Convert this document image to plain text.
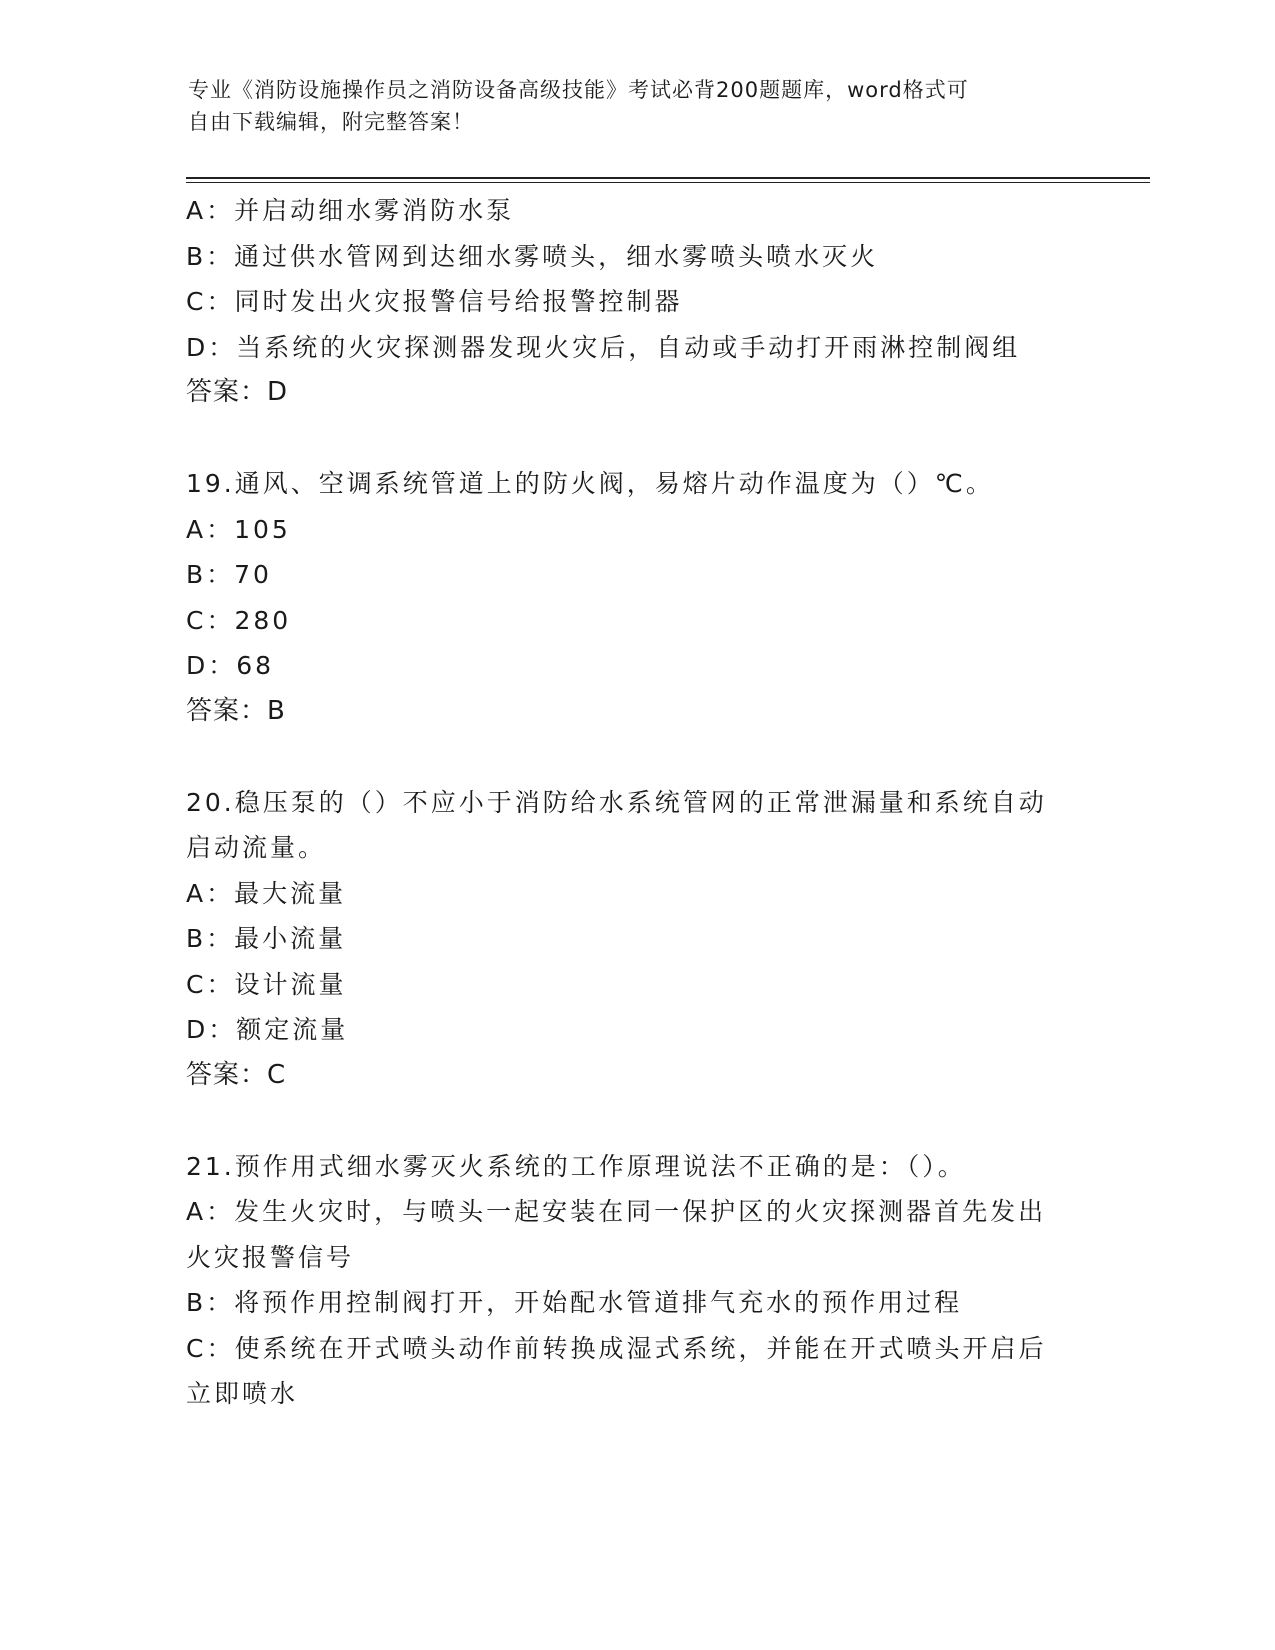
专业《消防设施操作员之消防设备高级技能》考试必背200题题库，word格式可
自由下载编辑，附完整答案！
A：并启动细水雾消防水泵
B：通过供水管网到达细水雾喷头，细水雾喷头喷水灭火
C：同时发出火灾报警信号给报警控制器
D：当系统的火灾探测器发现火灾后，自动或手动打开雨淋控制阀组
答案：D
19.通风、空调系统管道上的防火阀，易熔片动作温度为（）℃。
A：105
B：70
C：280
D：68
答案：B
20.稳压泵的（）不应小于消防给水系统管网的正常泄漏量和系统自动
启动流量。
A：最大流量
B：最小流量
C：设计流量
D：额定流量
答案：C
21.预作用式细水雾灭火系统的工作原理说法不正确的是：（）。
A：发生火灾时，与喷头一起安装在同一保护区的火灾探测器首先发出
火灾报警信号
B：将预作用控制阀打开，开始配水管道排气充水的预作用过程
C：使系统在开式喷头动作前转换成湿式系统，并能在开式喷头开启后
立即喷水
